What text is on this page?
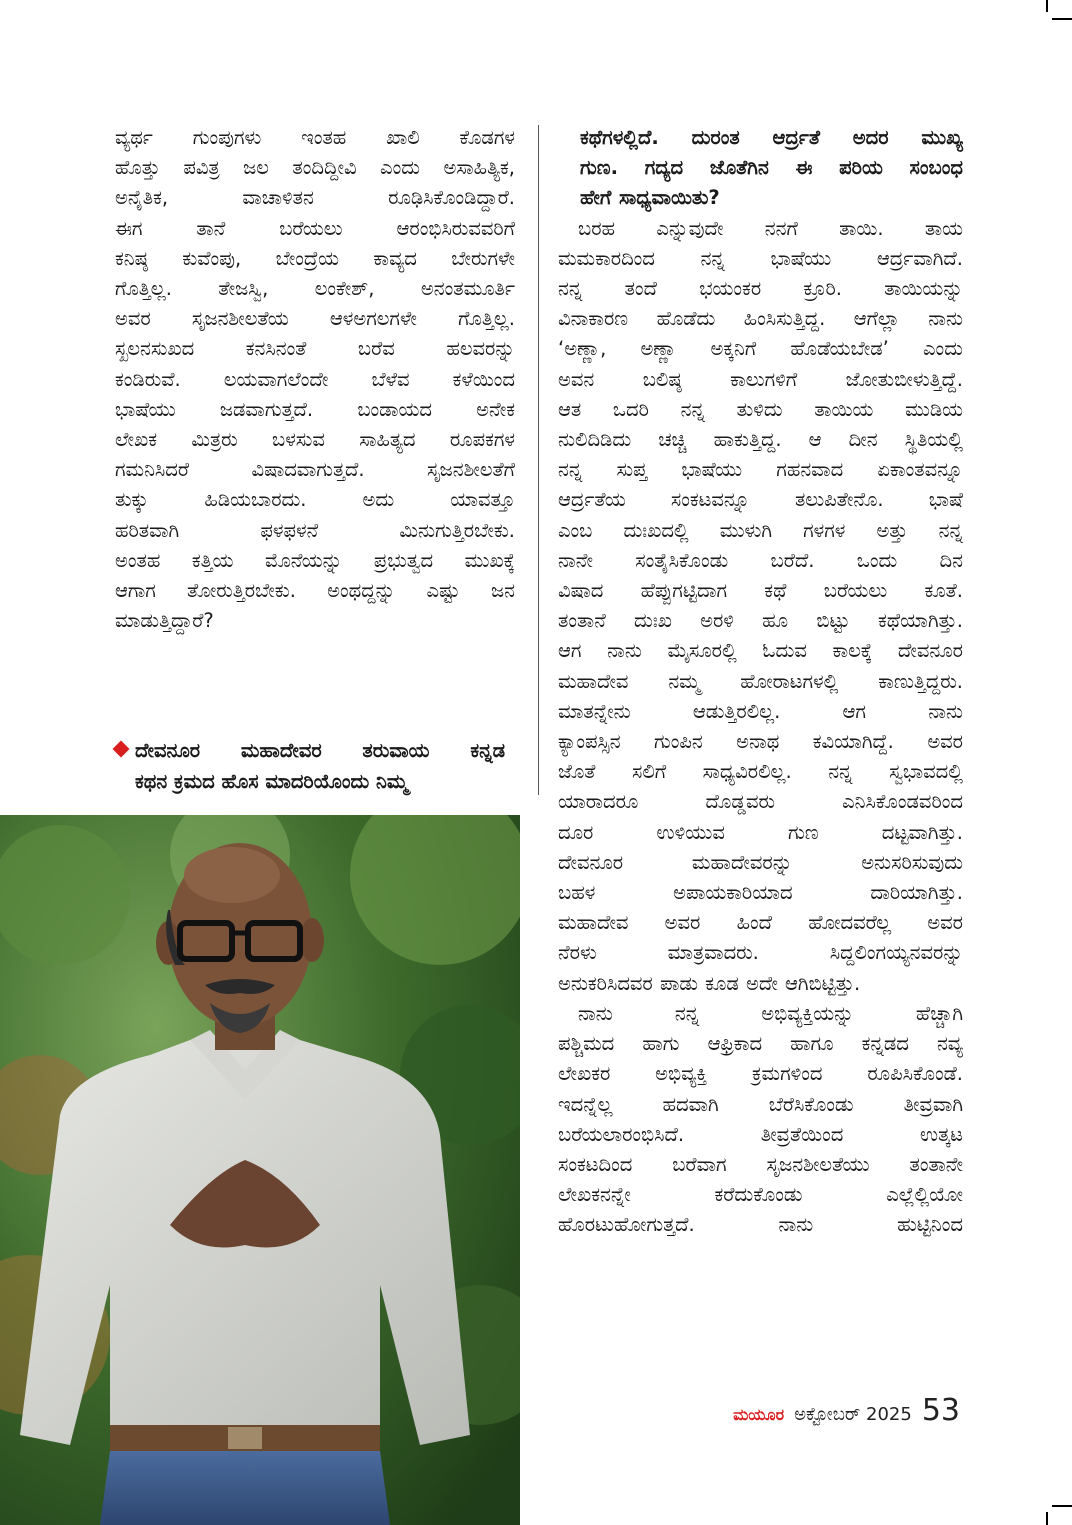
ವ್ಯರ್ಥ ಗುಂಪುಗಳು ಇಂತಹ ಖಾಲಿ ಕೊಡಗಳ

ಹೊತ್ತು ಪವಿತ್ರ ಜಲ ತಂದಿದ್ದೀವಿ ಎಂದು ಅಸಾಹಿತ್ಯಿಕ,

ಅನೈತಿಕ, ವಾಚಾಳಿತನ ರೂಢಿಸಿಕೊಂಡಿದ್ದಾರೆ.

ಈಗ ತಾನೆ ಬರೆಯಲು ಆರಂಭಿಸಿರುವವರಿಗೆ

ಕನಿಷ್ಠ ಕುವೆಂಪು, ಬೇಂದ್ರೆಯ ಕಾವ್ಯದ ಬೇರುಗಳೇ

ಗೊತ್ತಿಲ್ಲ. ತೇಜಸ್ವಿ, ಲಂಕೇಶ್, ಅನಂತಮೂರ್ತಿ

ಅವರ ಸೃಜನಶೀಲತೆಯ ಆಳಅಗಲಗಳೇ ಗೊತ್ತಿಲ್ಲ.

ಸ್ಖಲನಸುಖದ ಕನಸಿನಂತೆ ಬರೆವ ಹಲವರನ್ನು

ಕಂಡಿರುವೆ. ಲಯವಾಗಲೆಂದೇ ಬೆಳೆವ ಕಳೆಯಿಂದ

ಭಾಷೆಯು ಜಡವಾಗುತ್ತದೆ. ಬಂಡಾಯದ ಅನೇಕ

ಲೇಖಕ ಮಿತ್ರರು ಬಳಸುವ ಸಾಹಿತ್ಯದ ರೂಪಕಗಳ

ಗಮನಿಸಿದರೆ ವಿಷಾದವಾಗುತ್ತದೆ. ಸೃಜನಶೀಲತೆಗೆ

ತುಕ್ಕು ಹಿಡಿಯಬಾರದು. ಅದು ಯಾವತ್ತೂ

ಹರಿತವಾಗಿ ಫಳಫಳನೆ ಮಿನುಗುತ್ತಿರಬೇಕು.

ಅಂತಹ ಕತ್ತಿಯ ಮೊನೆಯನ್ನು ಪ್ರಭುತ್ವದ ಮುಖಕ್ಕೆ

ಆಗಾಗ ತೋರುತ್ತಿರಬೇಕು. ಅಂಥದ್ದನ್ನು ಎಷ್ಟು ಜನ

ಮಾಡುತ್ತಿದ್ದಾರೆ?

ದೇವನೂರ ಮಹಾದೇವರ ತರುವಾಯ ಕನ್ನಡ
ಕಥನ ಕ್ರಮದ ಹೊಸ ಮಾದರಿಯೊಂದು ನಿಮ್ಮ

ಕಥೆಗಳಲ್ಲಿದೆ. ದುರಂತ ಆರ್ದ್ರತೆ ಅದರ ಮುಖ್ಯ

ಗುಣ. ಗದ್ಯದ ಜೊತೆಗಿನ ಈ ಪರಿಯ ಸಂಬಂಧ

ಹೇಗೆ ಸಾಧ್ಯವಾಯಿತು?

ಬರಹ ಎನ್ನುವುದೇ ನನಗೆ ತಾಯಿ. ತಾಯ

ಮಮಕಾರದಿಂದ ನನ್ನ ಭಾಷೆಯು ಆರ್ದ್ರವಾಗಿದೆ.

ನನ್ನ ತಂದೆ ಭಯಂಕರ ಕ್ರೂರಿ. ತಾಯಿಯನ್ನು

ವಿನಾಕಾರಣ ಹೊಡೆದು ಹಿಂಸಿಸುತ್ತಿದ್ದ. ಆಗೆಲ್ಲಾ ನಾನು

‘ಅಣ್ಣಾ, ಅಣ್ಣಾ ಅಕ್ಕನಿಗೆ ಹೊಡೆಯಬೇಡ’ ಎಂದು

ಅವನ ಬಲಿಷ್ಠ ಕಾಲುಗಳಿಗೆ ಜೋತುಬೀಳುತ್ತಿದ್ದೆ.

ಆತ ಒದರಿ ನನ್ನ ತುಳಿದು ತಾಯಿಯ ಮುಡಿಯ

ನುಲಿದಿಡಿದು ಚಚ್ಚಿ ಹಾಕುತ್ತಿದ್ದ. ಆ ದೀನ ಸ್ಥಿತಿಯಲ್ಲಿ

ನನ್ನ ಸುಪ್ತ ಭಾಷೆಯು ಗಹನವಾದ ಏಕಾಂತವನ್ನೂ

ಆರ್ದ್ರತೆಯ ಸಂಕಟವನ್ನೂ ತಲುಪಿತೇನೊ. ಭಾಷೆ

ಎಂಬ ದುಃಖದಲ್ಲಿ ಮುಳುಗಿ ಗಳಗಳ ಅತ್ತು ನನ್ನ

ನಾನೇ ಸಂತೈಸಿಕೊಂಡು ಬರೆದೆ. ಒಂದು ದಿನ

ವಿಷಾದ ಹೆಪ್ಪುಗಟ್ಟಿದಾಗ ಕಥೆ ಬರೆಯಲು ಕೂತೆ.

ತಂತಾನೆ ದುಃಖ ಅರಳಿ ಹೂ ಬಿಟ್ಟು ಕಥೆಯಾಗಿತ್ತು.

ಆಗ ನಾನು ಮೈಸೂರಲ್ಲಿ ಓದುವ ಕಾಲಕ್ಕೆ ದೇವನೂರ

ಮಹಾದೇವ ನಮ್ಮ ಹೋರಾಟಗಳಲ್ಲಿ ಕಾಣುತ್ತಿದ್ದರು.

ಮಾತನ್ನೇನು ಆಡುತ್ತಿರಲಿಲ್ಲ. ಆಗ ನಾನು

ಕ್ಯಾಂಪಸ್ಸಿನ ಗುಂಪಿನ ಅನಾಥ ಕವಿಯಾಗಿದ್ದೆ. ಅವರ

ಜೊತೆ ಸಲಿಗೆ ಸಾಧ್ಯವಿರಲಿಲ್ಲ. ನನ್ನ ಸ್ವಭಾವದಲ್ಲಿ

ಯಾರಾದರೂ ದೊಡ್ಡವರು ಎನಿಸಿಕೊಂಡವರಿಂದ

ದೂರ ಉಳಿಯುವ ಗುಣ ದಟ್ಟವಾಗಿತ್ತು.

ದೇವನೂರ ಮಹಾದೇವರನ್ನು ಅನುಸರಿಸುವುದು

ಬಹಳ ಅಪಾಯಕಾರಿಯಾದ ದಾರಿಯಾಗಿತ್ತು.

ಮಹಾದೇವ ಅವರ ಹಿಂದೆ ಹೋದವರೆಲ್ಲ ಅವರ

ನೆರಳು ಮಾತ್ರವಾದರು. ಸಿದ್ದಲಿಂಗಯ್ಯನವರನ್ನು

ಅನುಕರಿಸಿದವರ ಪಾಡು ಕೂಡ ಅದೇ ಆಗಿಬಿಟ್ಟಿತ್ತು.

ನಾನು ನನ್ನ ಅಭಿವ್ಯಕ್ತಿಯನ್ನು ಹೆಚ್ಚಾಗಿ

ಪಶ್ಚಿಮದ ಹಾಗು ಆಫ್ರಿಕಾದ ಹಾಗೂ ಕನ್ನಡದ ನವ್ಯ

ಲೇಖಕರ ಅಭಿವ್ಯಕ್ತಿ ಕ್ರಮಗಳಿಂದ ರೂಪಿಸಿಕೊಂಡೆ.

ಇದನ್ನೆಲ್ಲ ಹದವಾಗಿ ಬೆರೆಸಿಕೊಂಡು ತೀವ್ರವಾಗಿ

ಬರೆಯಲಾರಂಭಿಸಿದೆ. ತೀವ್ರತೆಯಿಂದ ಉತ್ಕಟ

ಸಂಕಟದಿಂದ ಬರೆವಾಗ ಸೃಜನಶೀಲತೆಯು ತಂತಾನೇ

ಲೇಖಕನನ್ನೇ ಕರೆದುಕೊಂಡು ಎಲ್ಲೆಲ್ಲಿಯೋ

ಹೊರಟುಹೋಗುತ್ತದೆ. ನಾನು ಹುಟ್ಟಿನಿಂದ

ಮಯೂರ ಅಕ್ಟೋಬರ್ 2025 53
